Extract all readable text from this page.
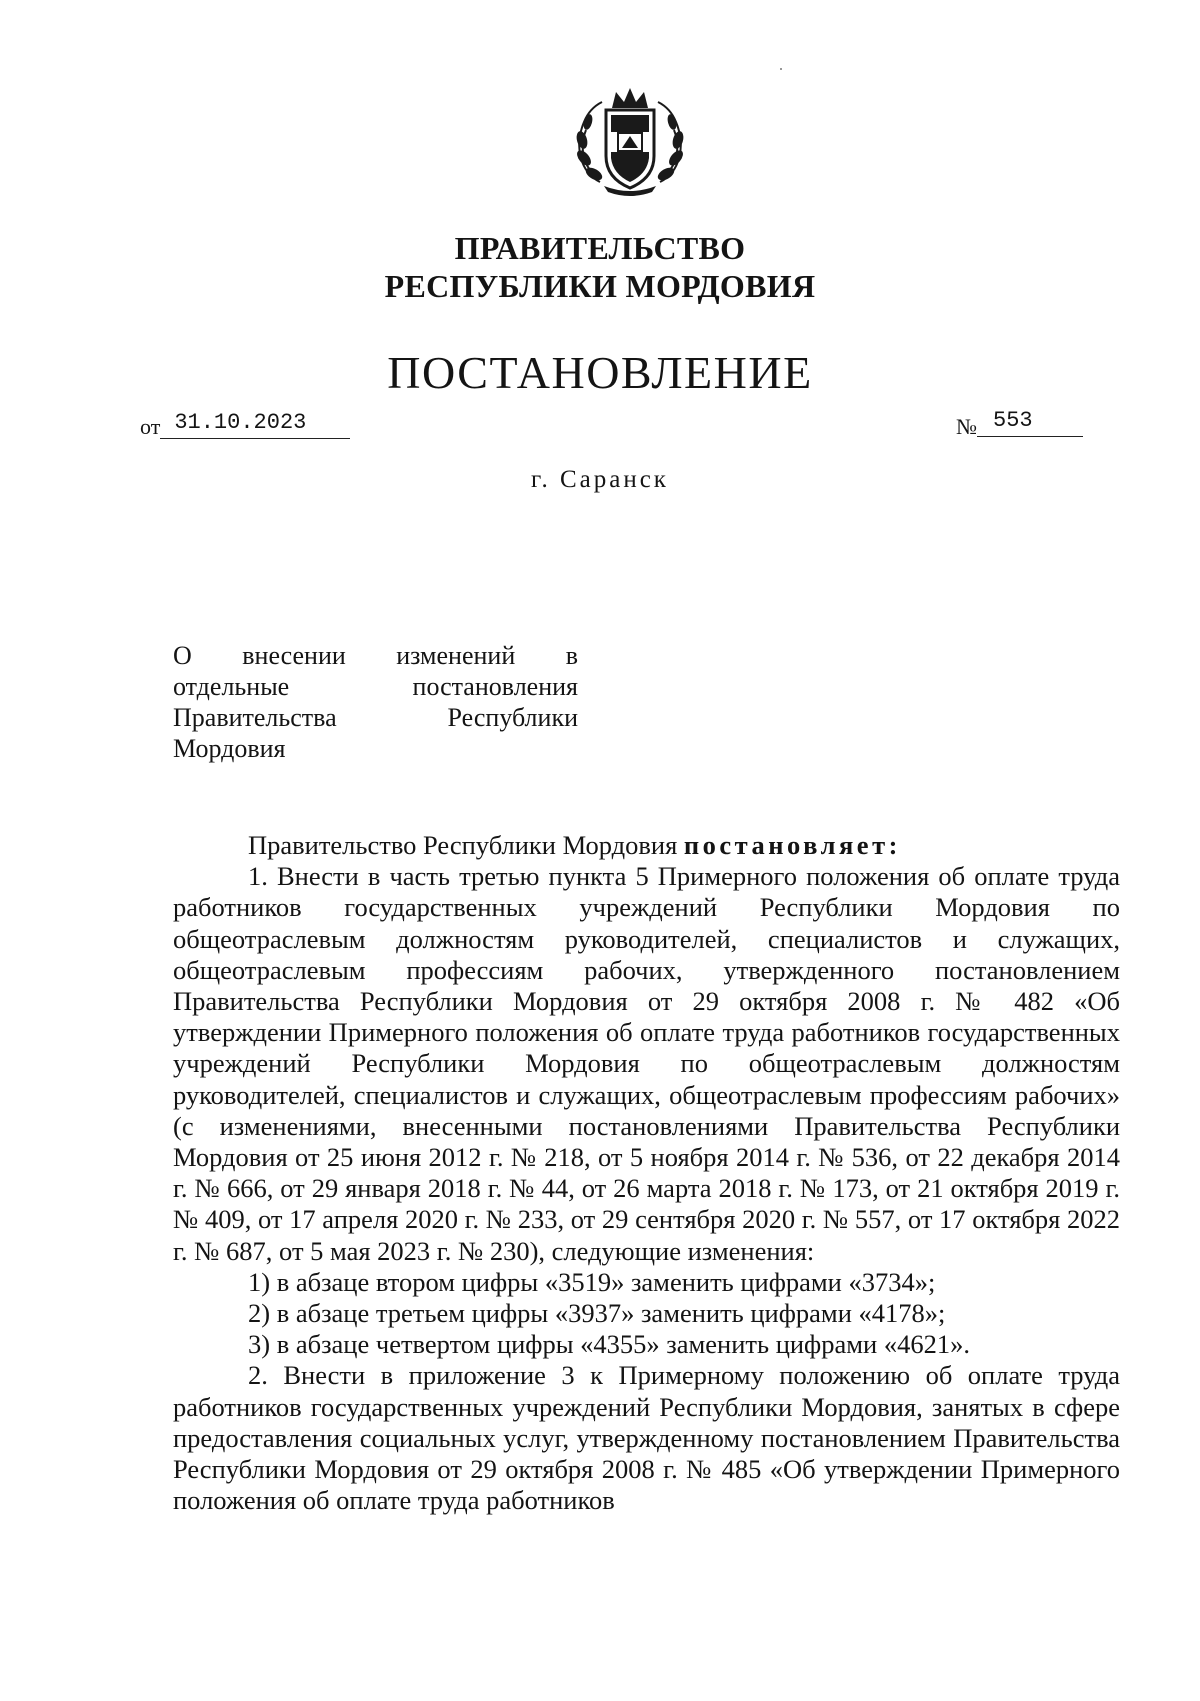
ПРАВИТЕЛЬСТВО
РЕСПУБЛИКИ МОРДОВИЯ
ПОСТАНОВЛЕНИЕ
от 31.10.2023	№ 553
г. Саранск
О внесении изменений в
отдельные постановления
Правительства Республики
Мордовия

Правительство Республики Мордовия постановляет:

1. Внести в часть третью пункта 5 Примерного положения об оплате труда работников государственных учреждений Республики Мордовия по общеотраслевым должностям руководителей, специалистов и служащих, общеотраслевым профессиям рабочих, утвержденного постановлением Правительства Республики Мордовия от 29 октября 2008 г. № 482 «Об утверждении Примерного положения об оплате труда работников государственных учреждений Республики Мордовия по общеотраслевым должностям руководителей, специалистов и служащих, общеотраслевым профессиям рабочих» (с изменениями, внесенными постановлениями Правительства Республики Мордовия от 25 июня 2012 г. № 218, от 5 ноября 2014 г. № 536, от 22 декабря 2014 г. № 666, от 29 января 2018 г. № 44, от 26 марта 2018 г. № 173, от 21 октября 2019 г. № 409, от 17 апреля 2020 г. № 233, от 29 сентября 2020 г. № 557, от 17 октября 2022 г. № 687, от 5 мая 2023 г. № 230), следующие изменения:

1) в абзаце втором цифры «3519» заменить цифрами «3734»;

2) в абзаце третьем цифры «3937» заменить цифрами «4178»;

3) в абзаце четвертом цифры «4355» заменить цифрами «4621».

2. Внести в приложение 3 к Примерному положению об оплате труда работников государственных учреждений Республики Мордовия, занятых в сфере предоставления социальных услуг, утвержденному постановлением Правительства Республики Мордовия от 29 октября 2008 г. № 485 «Об утверждении Примерного положения об оплате труда работников
